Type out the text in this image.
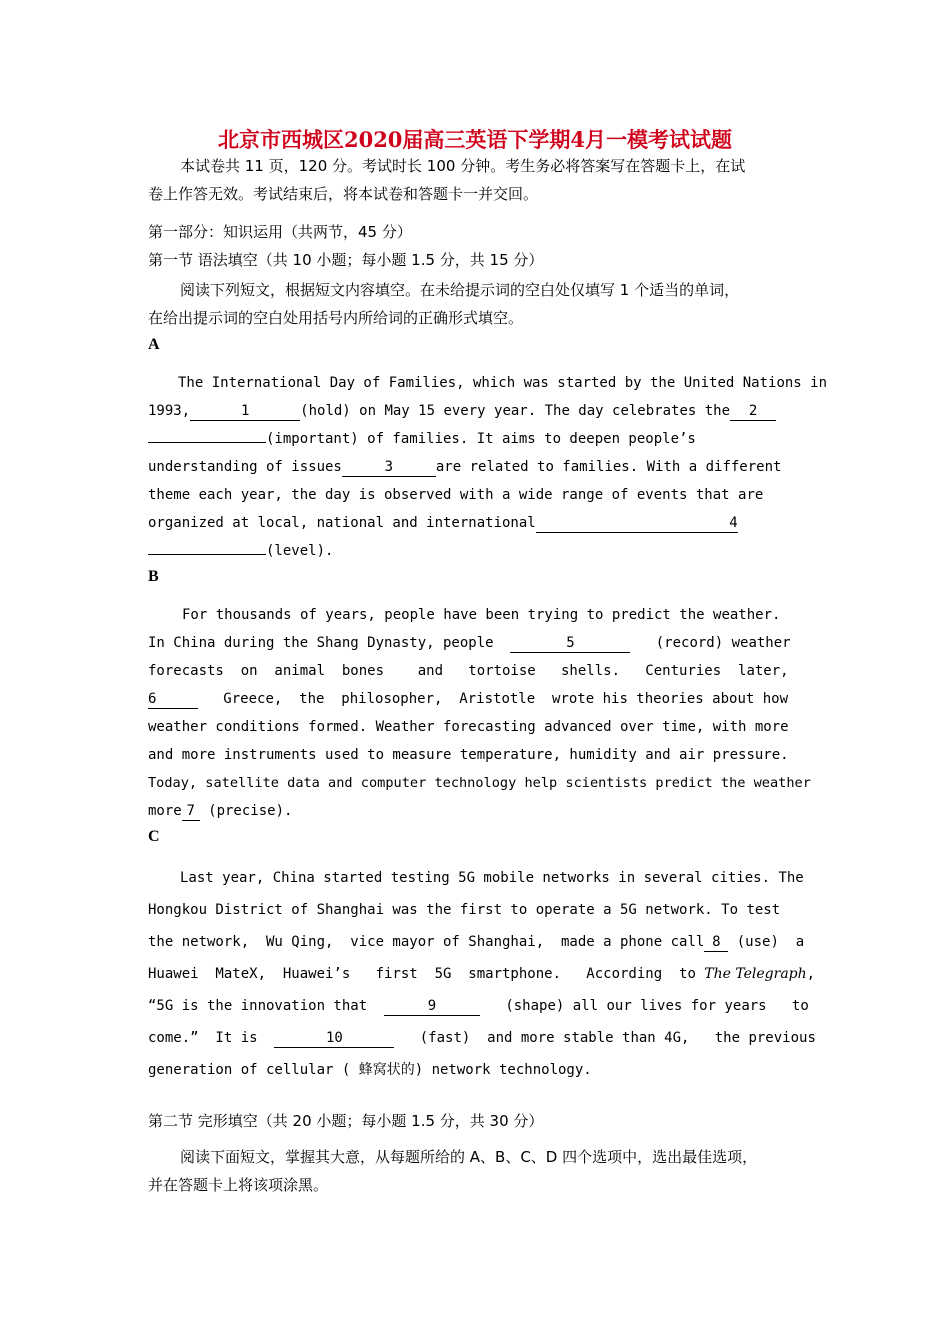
北京市西城区2020届高三英语下学期4月一模考试试题
本试卷共 11 页，120 分。考试时长 100 分钟。考生务必将答案写在答题卡上，在试
卷上作答无效。考试结束后，将本试卷和答题卡一并交回。
第一部分：知识运用（共两节，45 分）
第一节 语法填空（共 10 小题；每小题 1.5 分，共 15 分）
阅读下列短文，根据短文内容填空。在未给提示词的空白处仅填写 1 个适当的单词，
在给出提示词的空白处用括号内所给词的正确形式填空。
A
The International Day of Families, which was started by the United Nations in
1993,	1	(hold) on May 15 every year. The day celebrates the 2
(important) of families. It aims to deepen people’s
understanding of issues	3	are related to families. With a different
theme each year, the day is observed with a wide range of events that are
organized at local, national and international	4
(level).
B
For thousands of years, people have been trying to predict the weather.
In China during the Shang Dynasty, people	5	(record) weather
forecasts  on  animal  bones    and   tortoise   shells.   Centuries  later,
6	Greece,  the  philosopher,  Aristotle  wrote his theories about how
weather conditions formed. Weather forecasting advanced over time, with more
and more instruments used to measure temperature, humidity and air pressure.
Today, satellite data and computer technology help scientists predict the weather
more 7 (precise).
C
Last year, China started testing 5G mobile networks in several cities. The
Hongkou District of Shanghai was the first to operate a 5G network. To test
the network,  Wu Qing,  vice mayor of Shanghai,  made a phone call 8 (use)  a
Huawei  MateX,  Huawei’s   first  5G  smartphone.   According  to The Telegraph,
“5G is the innovation that	9	(shape) all our lives for years   to
come.”  It is	10	(fast)  and more stable than 4G,   the previous
generation of cellular ( 蜂窝状的) network technology.
第二节 完形填空（共 20 小题；每小题 1.5 分，共 30 分）
阅读下面短文，掌握其大意，从每题所给的 A、B、C、D 四个选项中，选出最佳选项，
并在答题卡上将该项涂黑。
